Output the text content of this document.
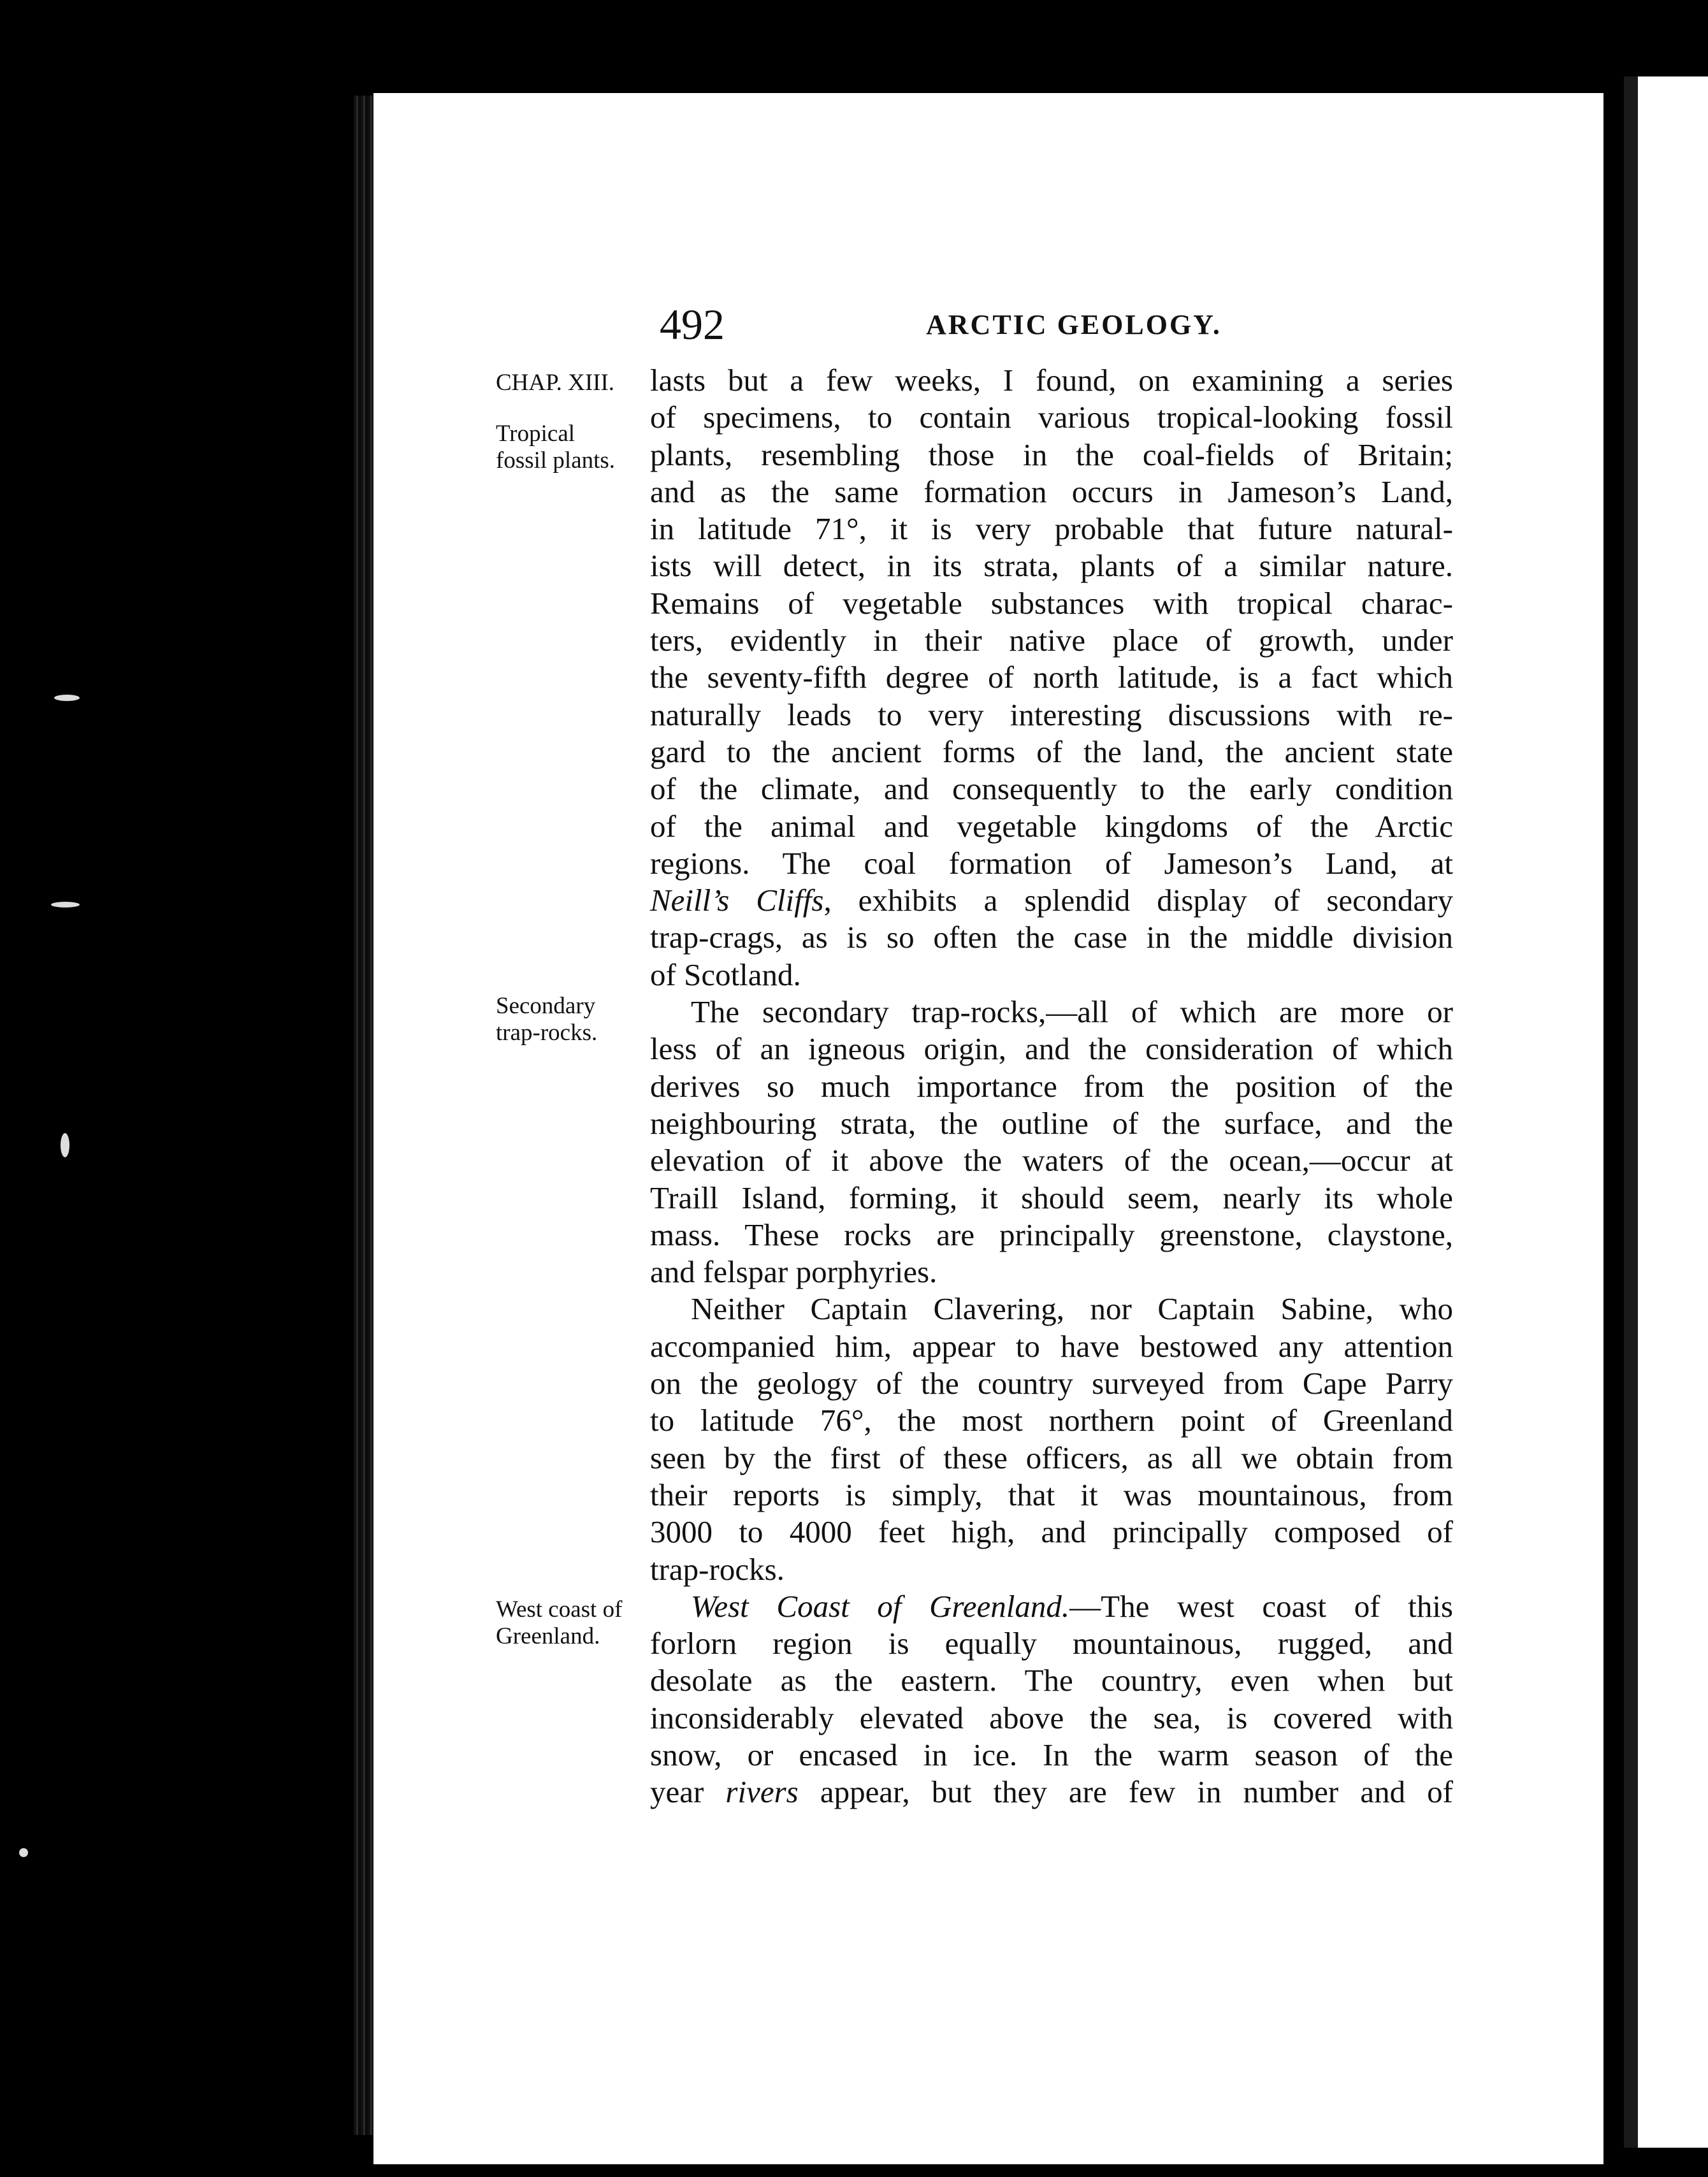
492	ARCTIC GEOLOGY.
CHAP. XIII.
Tropical
fossil plants.
Secondary
trap-rocks.
West coast of
Greenland.
lasts but a few weeks, I found, on examining a series
of specimens, to contain various tropical-looking fossil
plants, resembling those in the coal-fields of Britain;
and as the same formation occurs in Jameson’s Land,
in latitude 71°, it is very probable that future natural-
ists will detect, in its strata, plants of a similar nature.
Remains of vegetable substances with tropical charac-
ters, evidently in their native place of growth, under
the seventy-fifth degree of north latitude, is a fact which
naturally leads to very interesting discussions with re-
gard to the ancient forms of the land, the ancient state
of the climate, and consequently to the early condition
of the animal and vegetable kingdoms of the Arctic
regions. The coal formation of Jameson’s Land, at
Neill’s Cliffs, exhibits a splendid display of secondary
trap-crags, as is so often the case in the middle division
of Scotland.
The secondary trap-rocks,—all of which are more or
less of an igneous origin, and the consideration of which
derives so much importance from the position of the
neighbouring strata, the outline of the surface, and the
elevation of it above the waters of the ocean,—occur at
Traill Island, forming, it should seem, nearly its whole
mass. These rocks are principally greenstone, claystone,
and felspar porphyries.
Neither Captain Clavering, nor Captain Sabine, who
accompanied him, appear to have bestowed any attention
on the geology of the country surveyed from Cape Parry
to latitude 76°, the most northern point of Greenland
seen by the first of these officers, as all we obtain from
their reports is simply, that it was mountainous, from
3000 to 4000 feet high, and principally composed of
trap-rocks.
West Coast of Greenland.—The west coast of this
forlorn region is equally mountainous, rugged, and
desolate as the eastern. The country, even when but
inconsiderably elevated above the sea, is covered with
snow, or encased in ice. In the warm season of the
year rivers appear, but they are few in number and of
